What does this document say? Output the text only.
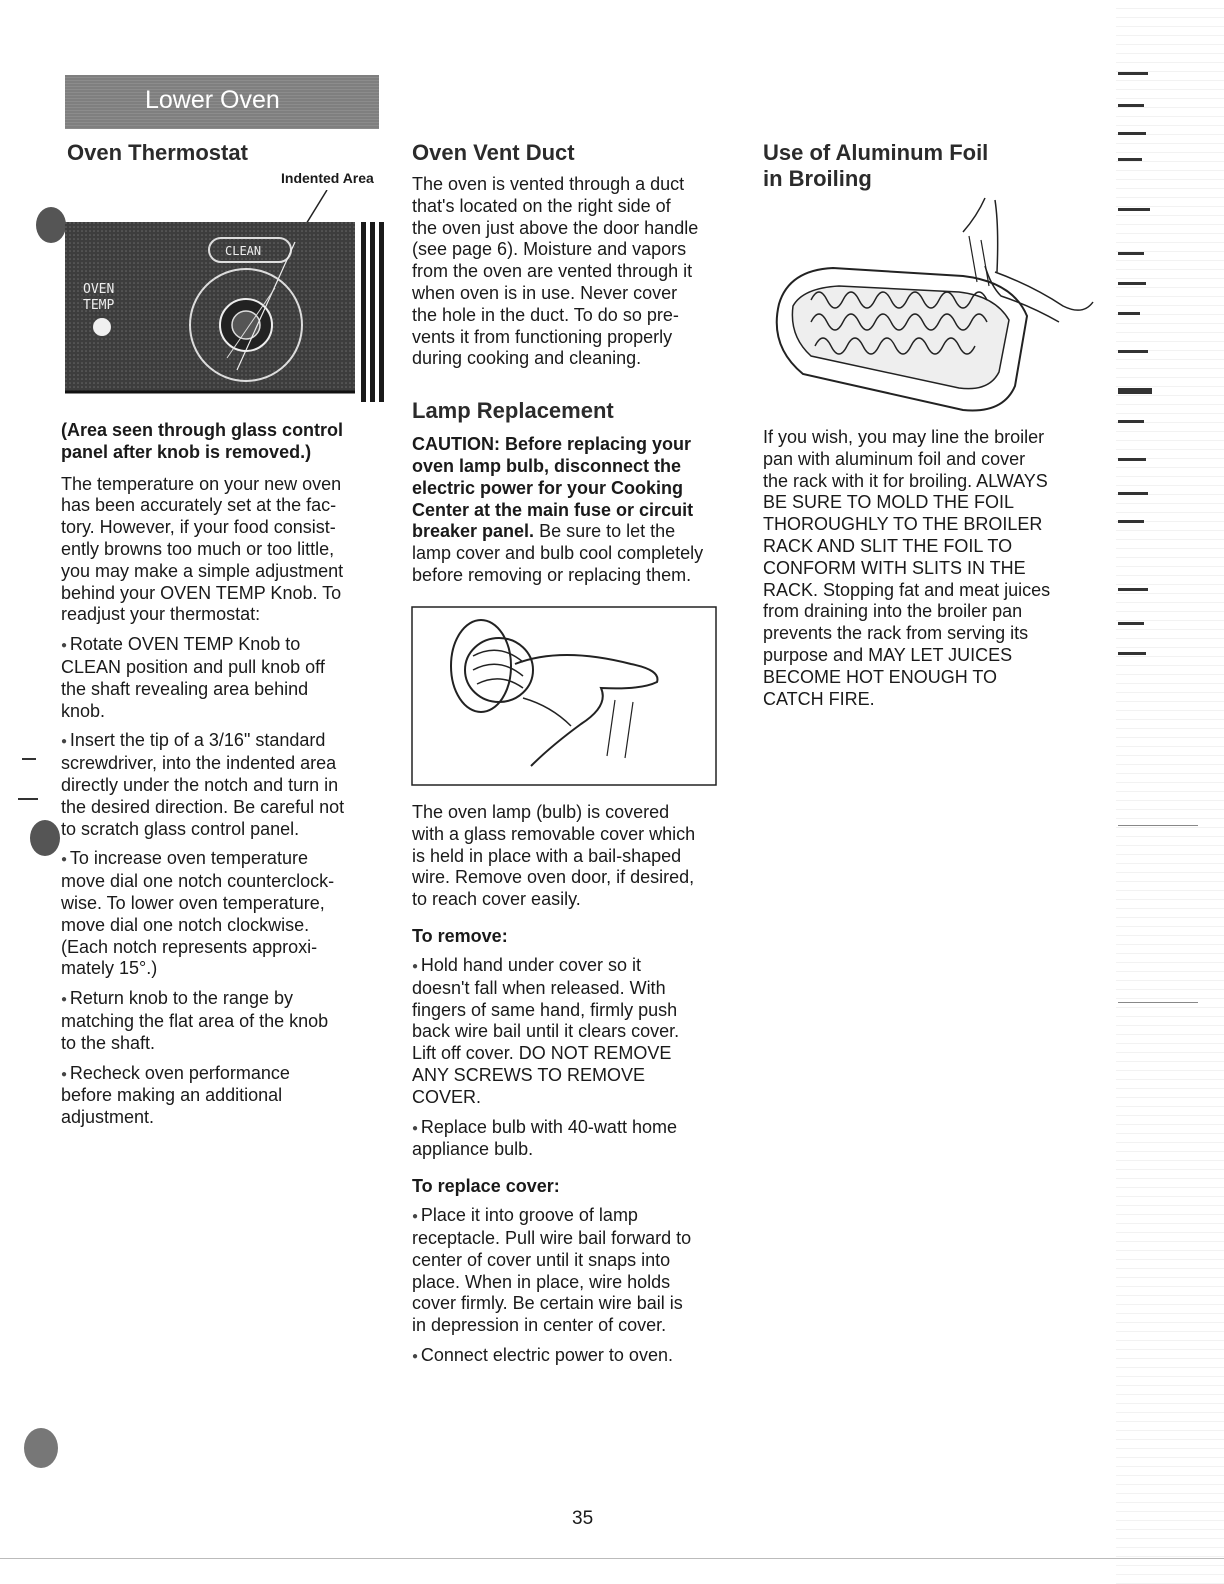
Lower Oven
Oven Thermostat
Indented Area
CLEAN
OVEN
TEMP

(Area seen through glass control

panel after knob is removed.)

The temperature on your new oven

has been accurately set at the fac-

tory. However, if your food consist-

ently browns too much or too little,

you may make a simple adjustment

behind your OVEN TEMP Knob. To

readjust your thermostat:

● Rotate OVEN TEMP Knob to

CLEAN position and pull knob off

the shaft revealing area behind

knob.

● Insert the tip of a 3/16" standard

screwdriver, into the indented area

directly under the notch and turn in

the desired direction. Be careful not

to scratch glass control panel.

● To increase oven temperature

move dial one notch counterclock-

wise. To lower oven temperature,

move dial one notch clockwise.

(Each notch represents approxi-

mately 15°.)

● Return knob to the range by

matching the flat area of the knob

to the shaft.

● Recheck oven performance

before making an additional

adjustment.

Oven Vent Duct

The oven is vented through a duct

that's located on the right side of

the oven just above the door handle

(see page 6). Moisture and vapors

from the oven are vented through it

when oven is in use. Never cover

the hole in the duct. To do so pre-

vents it from functioning properly

during cooking and cleaning.

Lamp Replacement

CAUTION: Before replacing your

oven lamp bulb, disconnect the

electric power for your Cooking

Center at the main fuse or circuit

breaker panel. Be sure to let the

lamp cover and bulb cool completely

before removing or replacing them.

The oven lamp (bulb) is covered

with a glass removable cover which

is held in place with a bail-shaped

wire. Remove oven door, if desired,

to reach cover easily.

To remove:

● Hold hand under cover so it

doesn't fall when released. With

fingers of same hand, firmly push

back wire bail until it clears cover.

Lift off cover. DO NOT REMOVE

ANY SCREWS TO REMOVE

COVER.

● Replace bulb with 40-watt home

appliance bulb.

To replace cover:

● Place it into groove of lamp

receptacle. Pull wire bail forward to

center of cover until it snaps into

place. When in place, wire holds

cover firmly. Be certain wire bail is

in depression in center of cover.

● Connect electric power to oven.

Use of Aluminum Foil
in Broiling

If you wish, you may line the broiler

pan with aluminum foil and cover

the rack with it for broiling. ALWAYS

BE SURE TO MOLD THE FOIL

THOROUGHLY TO THE BROILER

RACK AND SLIT THE FOIL TO

CONFORM WITH SLITS IN THE

RACK. Stopping fat and meat juices

from draining into the broiler pan

prevents the rack from serving its

purpose and MAY LET JUICES

BECOME HOT ENOUGH TO

CATCH FIRE.

35
